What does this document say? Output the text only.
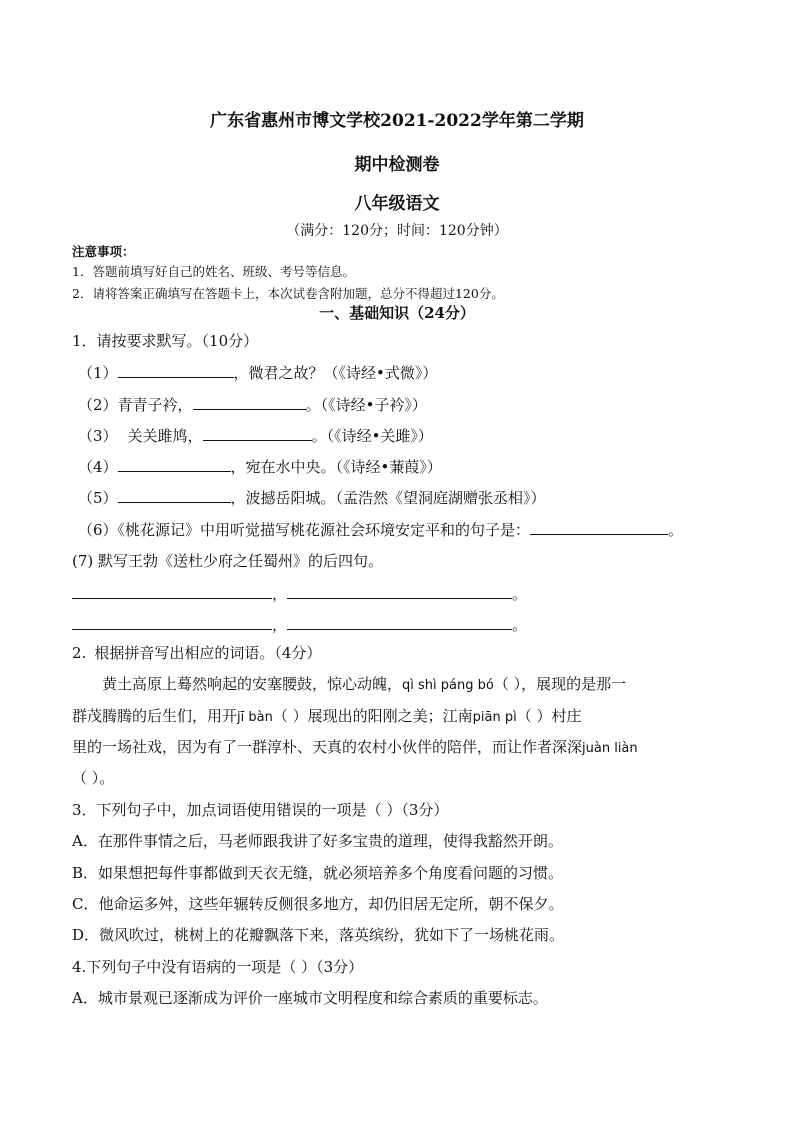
广东省惠州市博文学校2021-2022学年第二学期
期中检测卷
八年级语文
（满分：120分；时间：120分钟）
注意事项：
1．答题前填写好自己的姓名、班级、考号等信息。
2．请将答案正确填写在答题卡上，本次试卷含附加题，总分不得超过120分。
一、基础知识（24分）
1．请按要求默写。（10分）
（1）	，微君之故？（《诗经•式微》）
（2）青青子衿，	。（《诗经•子衿》）
（3） 关关雎鸠，	。（《诗经•关雎》）
（4）	，宛在水中央。（《诗经•蒹葭》）
（5）	，波撼岳阳城。（孟浩然《望洞庭湖赠张丞相》）
（6）《桃花源记》中用听觉描写桃花源社会环境安定平和的句子是：	。
(7) 默写王勃《送杜少府之任蜀州》的后四句。
，	。
，	。
2. 根据拼音写出相应的词语。（4分）
黄土高原上蓦然响起的安塞腰鼓，惊心动魄，qì shì páng bó（ ），展现的是那一
群茂腾腾的后生们，用开jī bàn（ ）展现出的阳刚之美；江南piān pì（ ）村庄
里的一场社戏，因为有了一群淳朴、天真的农村小伙伴的陪伴，而让作者深深juàn liàn
（ ）。
3．下列句子中，加点词语使用错误的一项是（ ）（3分）
A．在那件事情之后，马老师跟我讲了好多宝贵的道理，使得我豁然开朗。
B．如果想把每件事都做到天衣无缝，就必须培养多个角度看问题的习惯。
C．他命运多舛，这些年辗转反侧很多地方，却仍旧居无定所，朝不保夕。
D．微风吹过，桃树上的花瓣飘落下来，落英缤纷，犹如下了一场桃花雨。
4.下列句子中没有语病的一项是（ ）（3分）
A．城市景观已逐渐成为评价一座城市文明程度和综合素质的重要标志。
